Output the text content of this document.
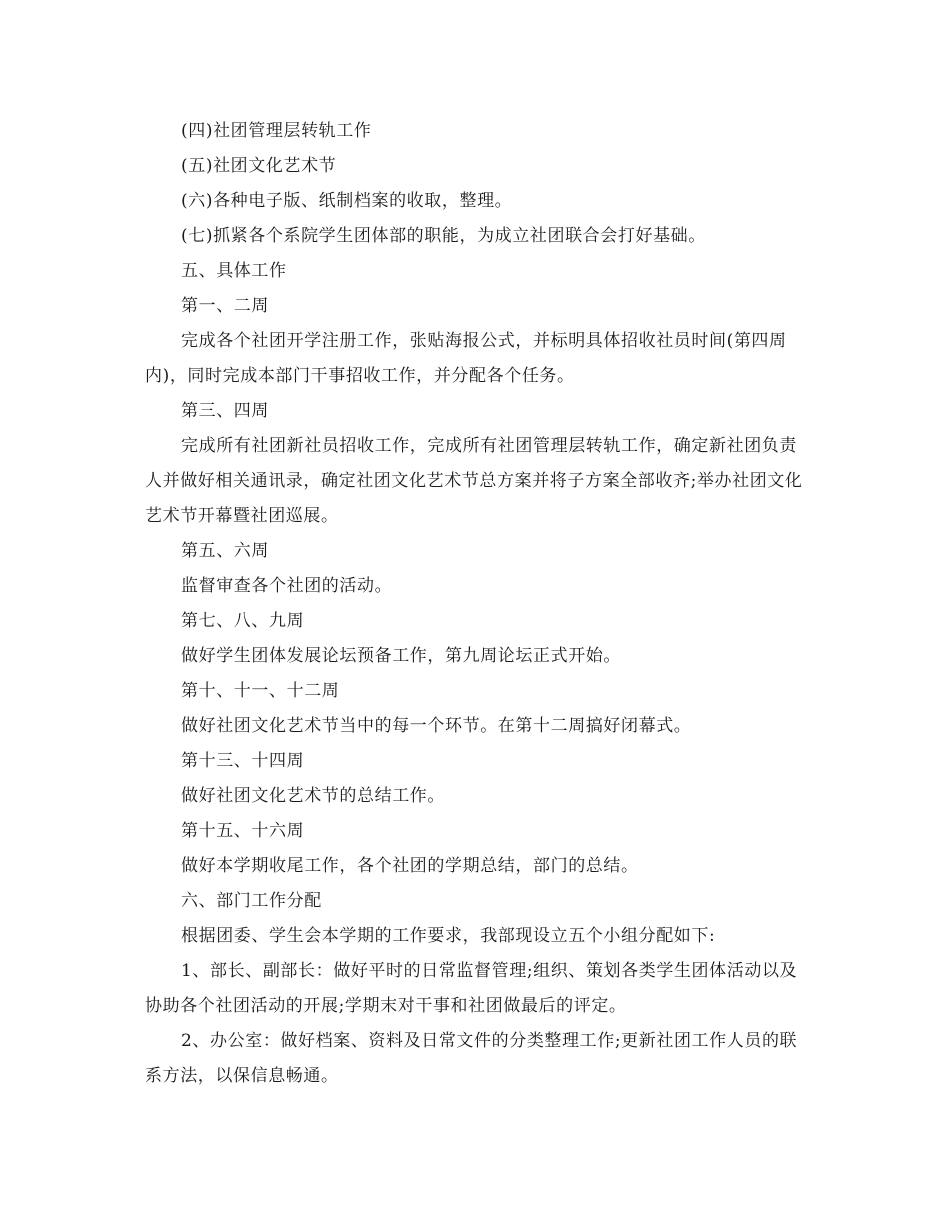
(四)社团管理层转轨工作

(五)社团文化艺术节

(六)各种电子版、纸制档案的收取，整理。

(七)抓紧各个系院学生团体部的职能，为成立社团联合会打好基础。

五、具体工作

第一、二周

完成各个社团开学注册工作，张贴海报公式，并标明具体招收社员时间(第四周内)，同时完成本部门干事招收工作，并分配各个任务。

第三、四周

完成所有社团新社员招收工作，完成所有社团管理层转轨工作，确定新社团负责人并做好相关通讯录，确定社团文化艺术节总方案并将子方案全部收齐;举办社团文化艺术节开幕暨社团巡展。

第五、六周

监督审查各个社团的活动。

第七、八、九周

做好学生团体发展论坛预备工作，第九周论坛正式开始。

第十、十一、十二周

做好社团文化艺术节当中的每一个环节。在第十二周搞好闭幕式。

第十三、十四周

做好社团文化艺术节的总结工作。

第十五、十六周

做好本学期收尾工作，各个社团的学期总结，部门的总结。

六、部门工作分配

根据团委、学生会本学期的工作要求，我部现设立五个小组分配如下:

1、部长、副部长：做好平时的日常监督管理;组织、策划各类学生团体活动以及协助各个社团活动的开展;学期末对干事和社团做最后的评定。

2、办公室：做好档案、资料及日常文件的分类整理工作;更新社团工作人员的联系方法，以保信息畅通。
